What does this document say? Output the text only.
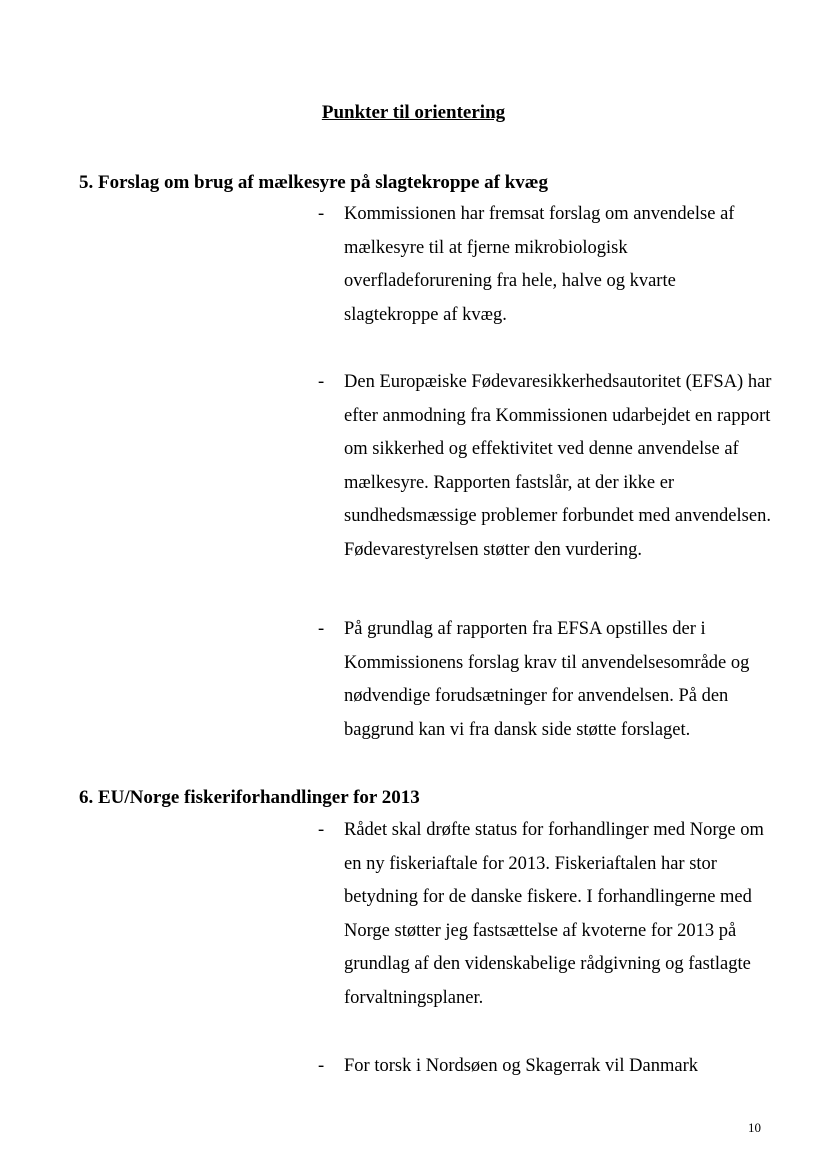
Punkter til orientering
5. Forslag om brug af mælkesyre på slagtekroppe af kvæg
-	Kommissionen har fremsat forslag om anvendelse af mælkesyre til at fjerne mikrobiologisk overfladeforurening fra hele, halve og kvarte slagtekroppe af kvæg.
-	Den Europæiske Fødevaresikkerhedsautoritet (EFSA) har efter anmodning fra Kommissionen udarbejdet en rapport om sikkerhed og effektivitet ved denne anvendelse af mælkesyre. Rapporten fastslår, at der ikke er sundhedsmæssige problemer forbundet med anvendelsen. Fødevarestyrelsen støtter den vurdering.
-	På grundlag af rapporten fra EFSA opstilles der i Kommissionens forslag krav til anvendelsesområde og nødvendige forudsætninger for anvendelsen. På den baggrund kan vi fra dansk side støtte forslaget.
6. EU/Norge fiskeriforhandlinger for 2013
-	Rådet skal drøfte status for forhandlinger med Norge om en ny fiskeriaftale for 2013. Fiskeriaftalen har stor betydning for de danske fiskere. I forhandlingerne med Norge støtter jeg fastsættelse af kvoterne for 2013 på grundlag af den videnskabelige rådgivning og fastlagte forvaltningsplaner.
-	For torsk i Nordsøen og Skagerrak vil Danmark
10
